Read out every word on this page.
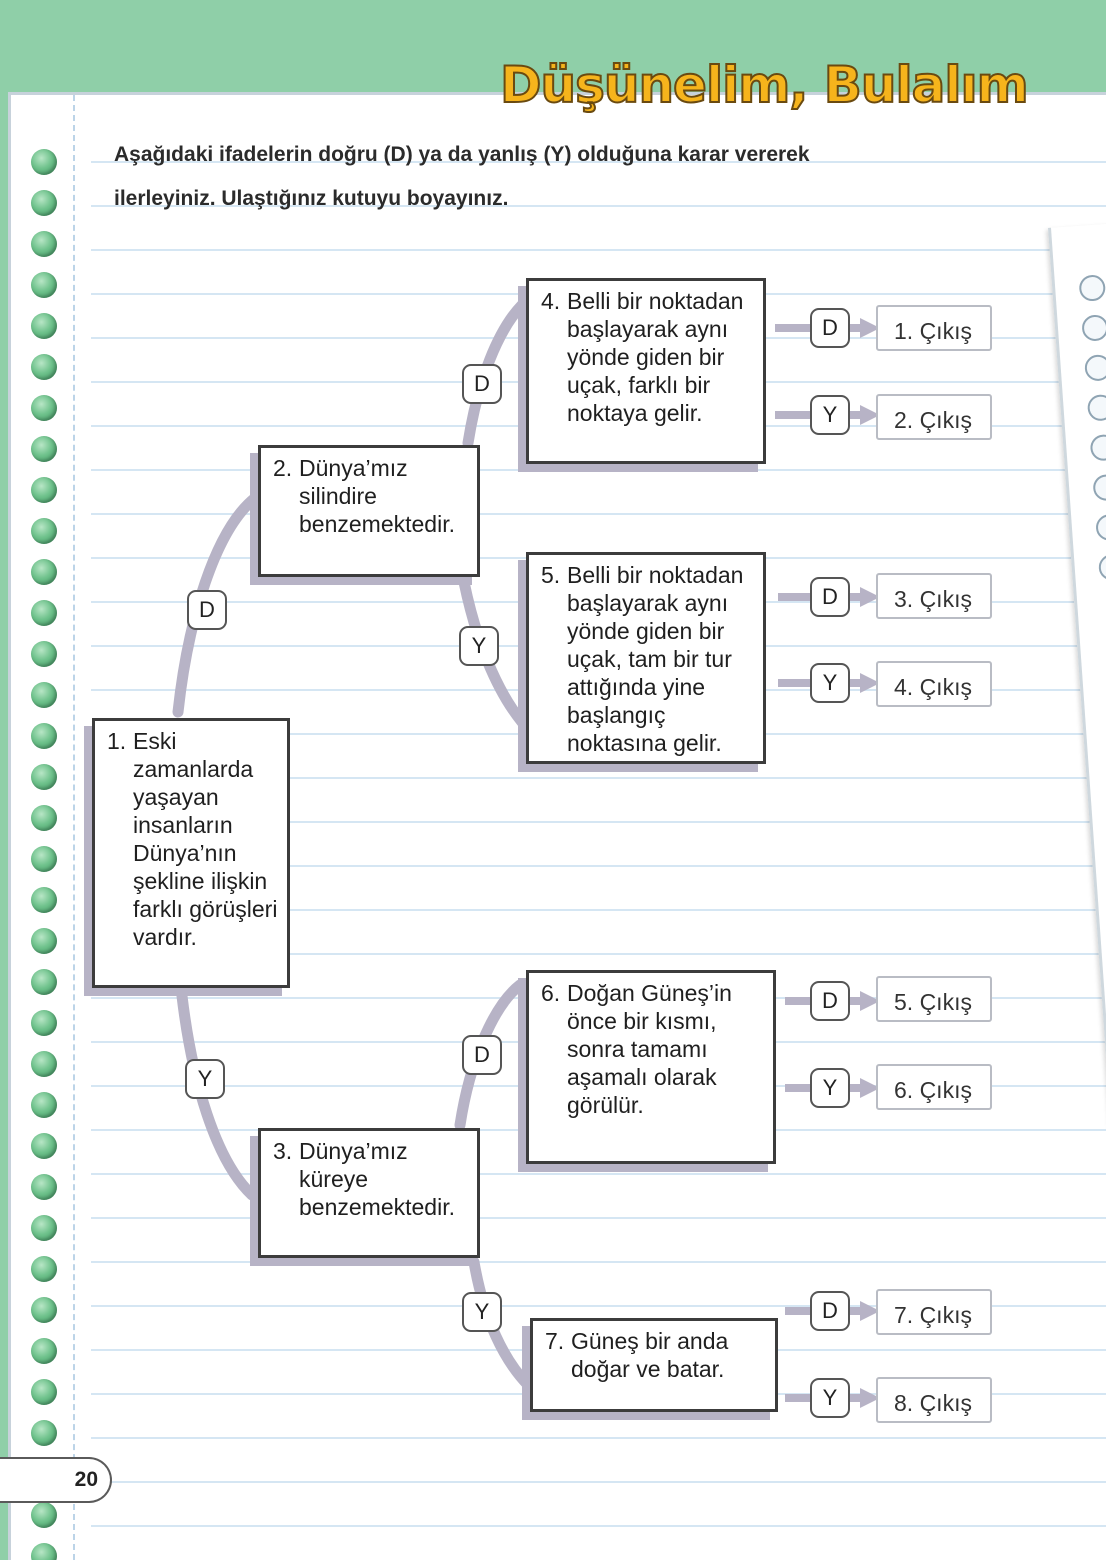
Düşünelim, Bulalım
Aşağıdaki ifadelerin doğru (D) ya da yanlış (Y) olduğuna karar vererek
ilerleyiniz. Ulaştığınız kutuyu boyayınız.
1. Eski zamanlarda yaşayan insanların Dünya’nın şekline ilişkin farklı görüşleri vardır.
2. Dünya’mız silindire benzemektedir.
3. Dünya’mız küreye benzemektedir.
4. Belli bir noktadan başlayarak aynı yönde giden bir uçak, farklı bir noktaya gelir.
5. Belli bir noktadan başlayarak aynı yönde giden bir uçak, tam bir tur attığında yine başlangıç noktasına gelir.
6. Doğan Güneş’in önce bir kısmı, sonra tamamı aşamalı olarak görülür.
7. Güneş bir anda doğar ve batar.
D
Y
D
Y
D
Y
D
Y
D
Y
D
Y
D
Y
1. Çıkış
2. Çıkış
3. Çıkış
4. Çıkış
5. Çıkış
6. Çıkış
7. Çıkış
8. Çıkış
20
